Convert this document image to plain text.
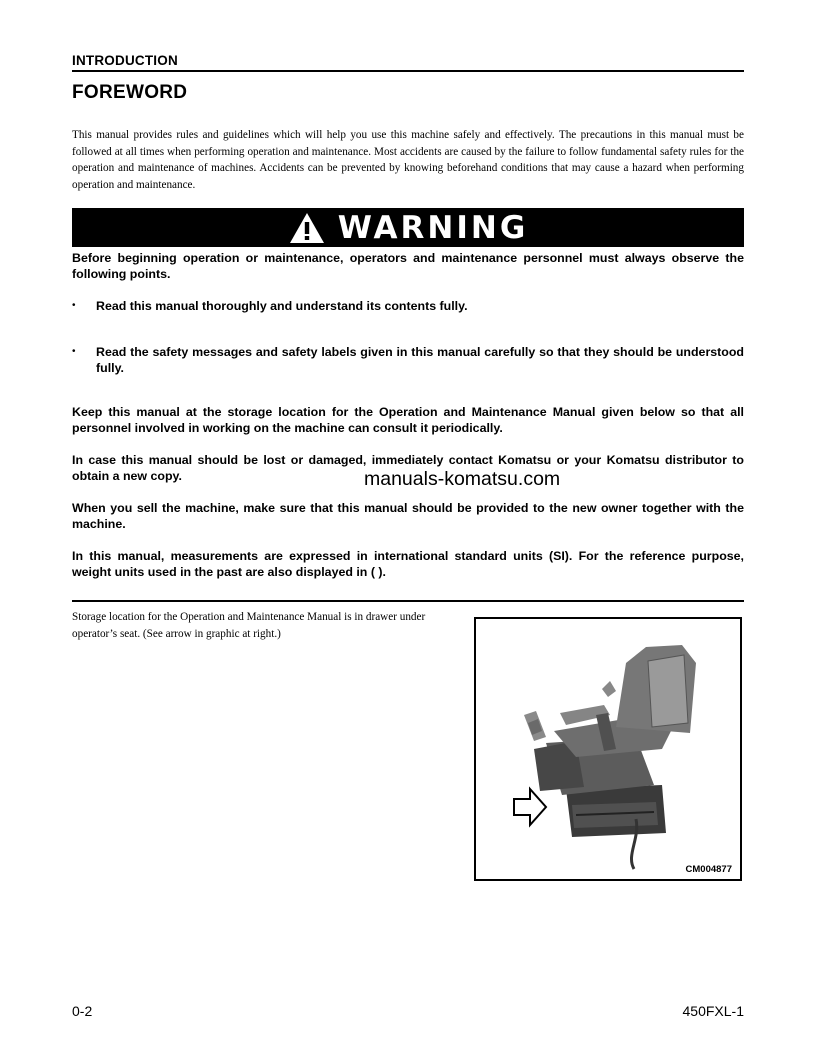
INTRODUCTION
FOREWORD

This manual provides rules and guidelines which will help you use this machine safely and effectively. The precautions in this manual must be followed at all times when performing operation and maintenance. Most accidents are caused by the failure to follow fundamental safety rules for the operation and maintenance of machines. Accidents can be prevented by knowing beforehand conditions that may cause a hazard when performing operation and maintenance.

WARNING

Before beginning operation or maintenance, operators and maintenance personnel must always observe the following points.

• Read this manual thoroughly and understand its contents fully.
• Read the safety messages and safety labels given in this manual carefully so that they should be understood fully.

Keep this manual at the storage location for the Operation and Maintenance Manual given below so that all personnel involved in working on the machine can consult it periodically.

In case this manual should be lost or damaged, immediately contact Komatsu or your Komatsu distributor to obtain a new copy.	manuals-komatsu.com

When you sell the machine, make sure that this manual should be provided to the new owner together with the machine.

In this manual, measurements are expressed in international standard units (SI). For the reference purpose, weight units used in the past are also displayed in ( ).

Storage location for the Operation and Maintenance Manual is in drawer under operator’s seat. (See arrow in graphic at right.)

CM004877
0-2	450FXL-1
